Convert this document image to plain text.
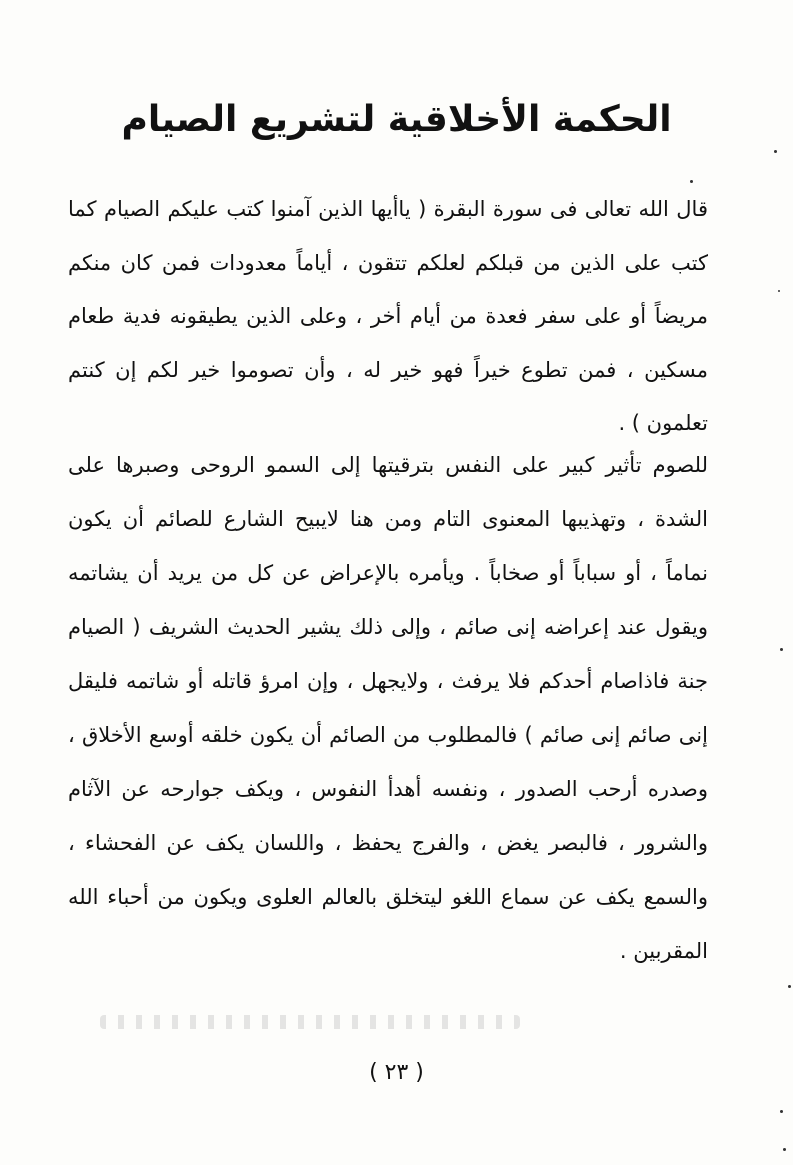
الحكمة الأخلاقية لتشريع الصيام
قال الله تعالى فى سورة البقرة ( ياأيها الذين آمنوا كتب عليكم الصيام كما كتب على الذين من قبلكم لعلكم تتقون ، أياماً معدودات فمن كان منكم مريضاً أو على سفر فعدة من أيام أخر ، وعلى الذين يطيقونه فدية طعام مسكين ، فمن تطوع خيراً فهو خير له ، وأن تصوموا خير لكم إن كنتم تعلمون ) .
للصوم تأثير كبير على النفس بترقيتها إلى السمو الروحى وصبرها على الشدة ، وتهذيبها المعنوى التام ومن هنا لايبيح الشارع للصائم أن يكون نماماً ، أو سباباً أو صخاباً . ويأمره بالإعراض عن كل من يريد أن يشاتمه ويقول عند إعراضه إنى صائم ، وإلى ذلك يشير الحديث الشريف ( الصيام جنة فاذاصام أحدكم فلا يرفث ، ولايجهل ، وإن امرؤ قاتله أو شاتمه فليقل إنى صائم إنى صائم ) فالمطلوب من الصائم أن يكون خلقه أوسع الأخلاق ، وصدره أرحب الصدور ، ونفسه أهدأ النفوس ، ويكف جوارحه عن الآثام والشرور ، فالبصر يغض ، والفرج يحفظ ، واللسان يكف عن الفحشاء ، والسمع يكف عن سماع اللغو ليتخلق بالعالم العلوى ويكون من أحباء الله المقربين .
( ٢٣ )
